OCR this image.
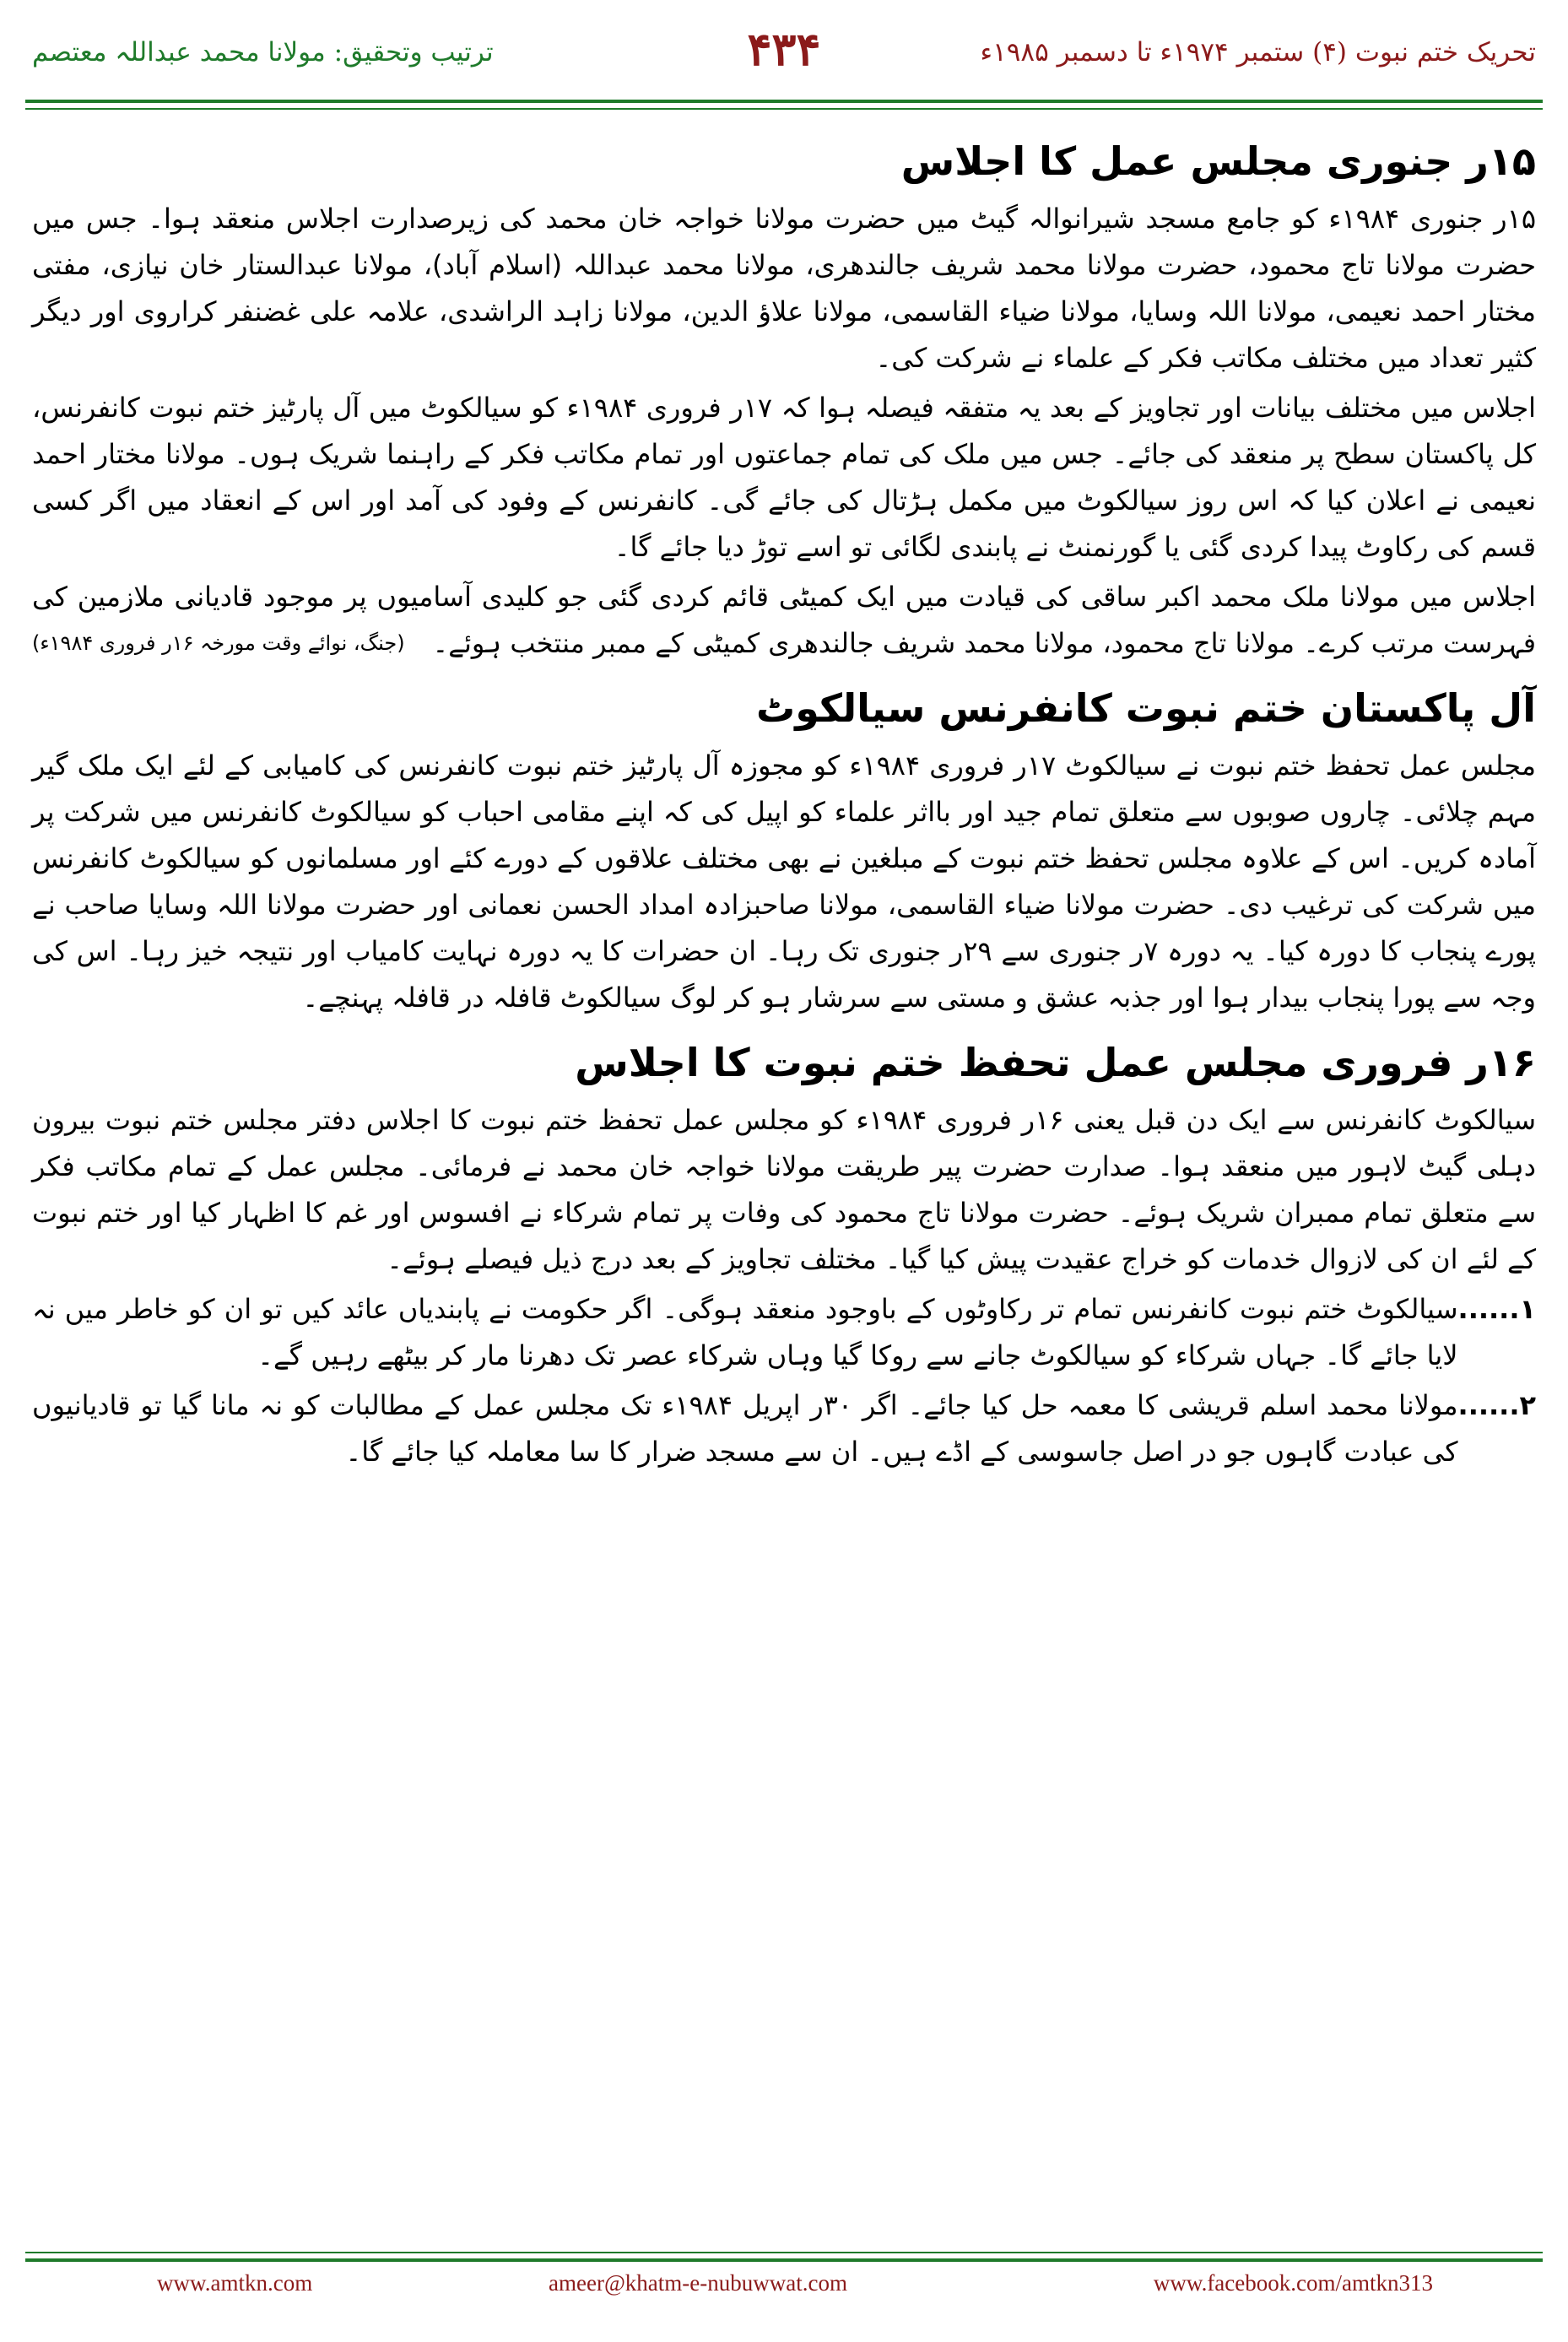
تحریک ختم نبوت (۴) ستمبر ۱۹۷۴ء تا دسمبر ۱۹۸۵ء
۴۳۴
ترتیب وتحقیق: مولانا محمد عبداللہ معتصم
۱۵ر جنوری مجلس عمل کا اجلاس

۱۵ر جنوری ۱۹۸۴ء کو جامع مسجد شیرانوالہ گیٹ میں حضرت مولانا خواجہ خان محمد کی زیرصدارت اجلاس منعقد ہوا۔ جس میں حضرت مولانا تاج محمود، حضرت مولانا محمد شریف جالندھری، مولانا محمد عبداللہ (اسلام آباد)، مولانا عبدالستار خان نیازی، مفتی مختار احمد نعیمی، مولانا اللہ وسایا، مولانا ضیاء القاسمی، مولانا علاؤ الدین، مولانا زاہد الراشدی، علامہ علی غضنفر کراروی اور دیگر کثیر تعداد میں مختلف مکاتب فکر کے علماء نے شرکت کی۔

اجلاس میں مختلف بیانات اور تجاویز کے بعد یہ متفقہ فیصلہ ہوا کہ ۱۷ر فروری ۱۹۸۴ء کو سیالکوٹ میں آل پارٹیز ختم نبوت کانفرنس، کل پاکستان سطح پر منعقد کی جائے۔ جس میں ملک کی تمام جماعتوں اور تمام مکاتب فکر کے راہنما شریک ہوں۔ مولانا مختار احمد نعیمی نے اعلان کیا کہ اس روز سیالکوٹ میں مکمل ہڑتال کی جائے گی۔ کانفرنس کے وفود کی آمد اور اس کے انعقاد میں اگر کسی قسم کی رکاوٹ پیدا کردی گئی یا گورنمنٹ نے پابندی لگائی تو اسے توڑ دیا جائے گا۔

اجلاس میں مولانا ملک محمد اکبر ساقی کی قیادت میں ایک کمیٹی قائم کردی گئی جو کلیدی آسامیوں پر موجود قادیانی ملازمین کی فہرست مرتب کرے۔ مولانا تاج محمود، مولانا محمد شریف جالندھری کمیٹی کے ممبر منتخب ہوئے۔
(جنگ، نوائے وقت مورخہ ۱۶ر فروری ۱۹۸۴ء)

آل پاکستان ختم نبوت کانفرنس سیالکوٹ

مجلس عمل تحفظ ختم نبوت نے سیالکوٹ ۱۷ر فروری ۱۹۸۴ء کو مجوزہ آل پارٹیز ختم نبوت کانفرنس کی کامیابی کے لئے ایک ملک گیر مہم چلائی۔ چاروں صوبوں سے متعلق تمام جید اور بااثر علماء کو اپیل کی کہ اپنے مقامی احباب کو سیالکوٹ کانفرنس میں شرکت پر آمادہ کریں۔ اس کے علاوہ مجلس تحفظ ختم نبوت کے مبلغین نے بھی مختلف علاقوں کے دورے کئے اور مسلمانوں کو سیالکوٹ کانفرنس میں شرکت کی ترغیب دی۔ حضرت مولانا ضیاء القاسمی، مولانا صاحبزادہ امداد الحسن نعمانی اور حضرت مولانا اللہ وسایا صاحب نے پورے پنجاب کا دورہ کیا۔ یہ دورہ ۷ر جنوری سے ۲۹ر جنوری تک رہا۔ ان حضرات کا یہ دورہ نہایت کامیاب اور نتیجہ خیز رہا۔ اس کی وجہ سے پورا پنجاب بیدار ہوا اور جذبہ عشق و مستی سے سرشار ہو کر لوگ سیالکوٹ قافلہ در قافلہ پہنچے۔

۱۶ر فروری مجلس عمل تحفظ ختم نبوت کا اجلاس

سیالکوٹ کانفرنس سے ایک دن قبل یعنی ۱۶ر فروری ۱۹۸۴ء کو مجلس عمل تحفظ ختم نبوت کا اجلاس دفتر مجلس ختم نبوت بیرون دہلی گیٹ لاہور میں منعقد ہوا۔ صدارت حضرت پیر طریقت مولانا خواجہ خان محمد نے فرمائی۔ مجلس عمل کے تمام مکاتب فکر سے متعلق تمام ممبران شریک ہوئے۔ حضرت مولانا تاج محمود کی وفات پر تمام شرکاء نے افسوس اور غم کا اظہار کیا اور ختم نبوت کے لئے ان کی لازوال خدمات کو خراج عقیدت پیش کیا گیا۔ مختلف تجاویز کے بعد درج ذیل فیصلے ہوئے۔

۱......
سیالکوٹ ختم نبوت کانفرنس تمام تر رکاوٹوں کے باوجود منعقد ہوگی۔ اگر حکومت نے پابندیاں عائد کیں تو ان کو خاطر میں نہ لایا جائے گا۔ جہاں شرکاء کو سیالکوٹ جانے سے روکا گیا وہاں شرکاء عصر تک دھرنا مار کر بیٹھے رہیں گے۔
۲......
مولانا محمد اسلم قریشی کا معمہ حل کیا جائے۔ اگر ۳۰ر اپریل ۱۹۸۴ء تک مجلس عمل کے مطالبات کو نہ مانا گیا تو قادیانیوں کی عبادت گاہوں جو در اصل جاسوسی کے اڈے ہیں۔ ان سے مسجد ضرار کا سا معاملہ کیا جائے گا۔
www.amtkn.com	ameer@khatm-e-nubuwwat.com	www.facebook.com/amtkn313
